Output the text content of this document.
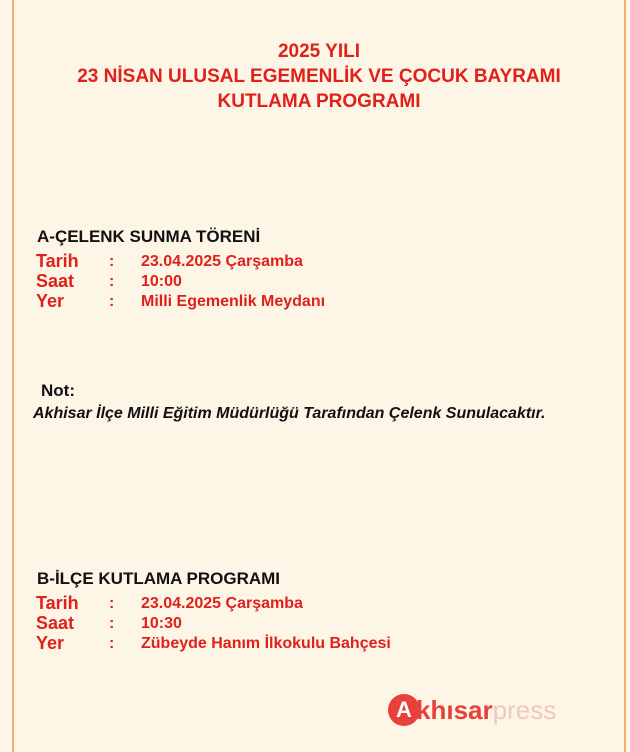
2025 YILI
23 NİSAN ULUSAL EGEMENLİK VE ÇOCUK BAYRAMI
KUTLAMA PROGRAMI
A-ÇELENK SUNMA TÖRENİ
Tarih : 23.04.2025 Çarşamba
Saat : 10:00
Yer	: Milli Egemenlik Meydanı
Not:
Akhisar İlçe Milli Eğitim Müdürlüğü Tarafından Çelenk Sunulacaktır.
B-İLÇE KUTLAMA PROGRAMI
Tarih : 23.04.2025 Çarşamba
Saat : 10:30
Yer	: Zübeyde Hanım İlkokulu Bahçesi
A khısar press
